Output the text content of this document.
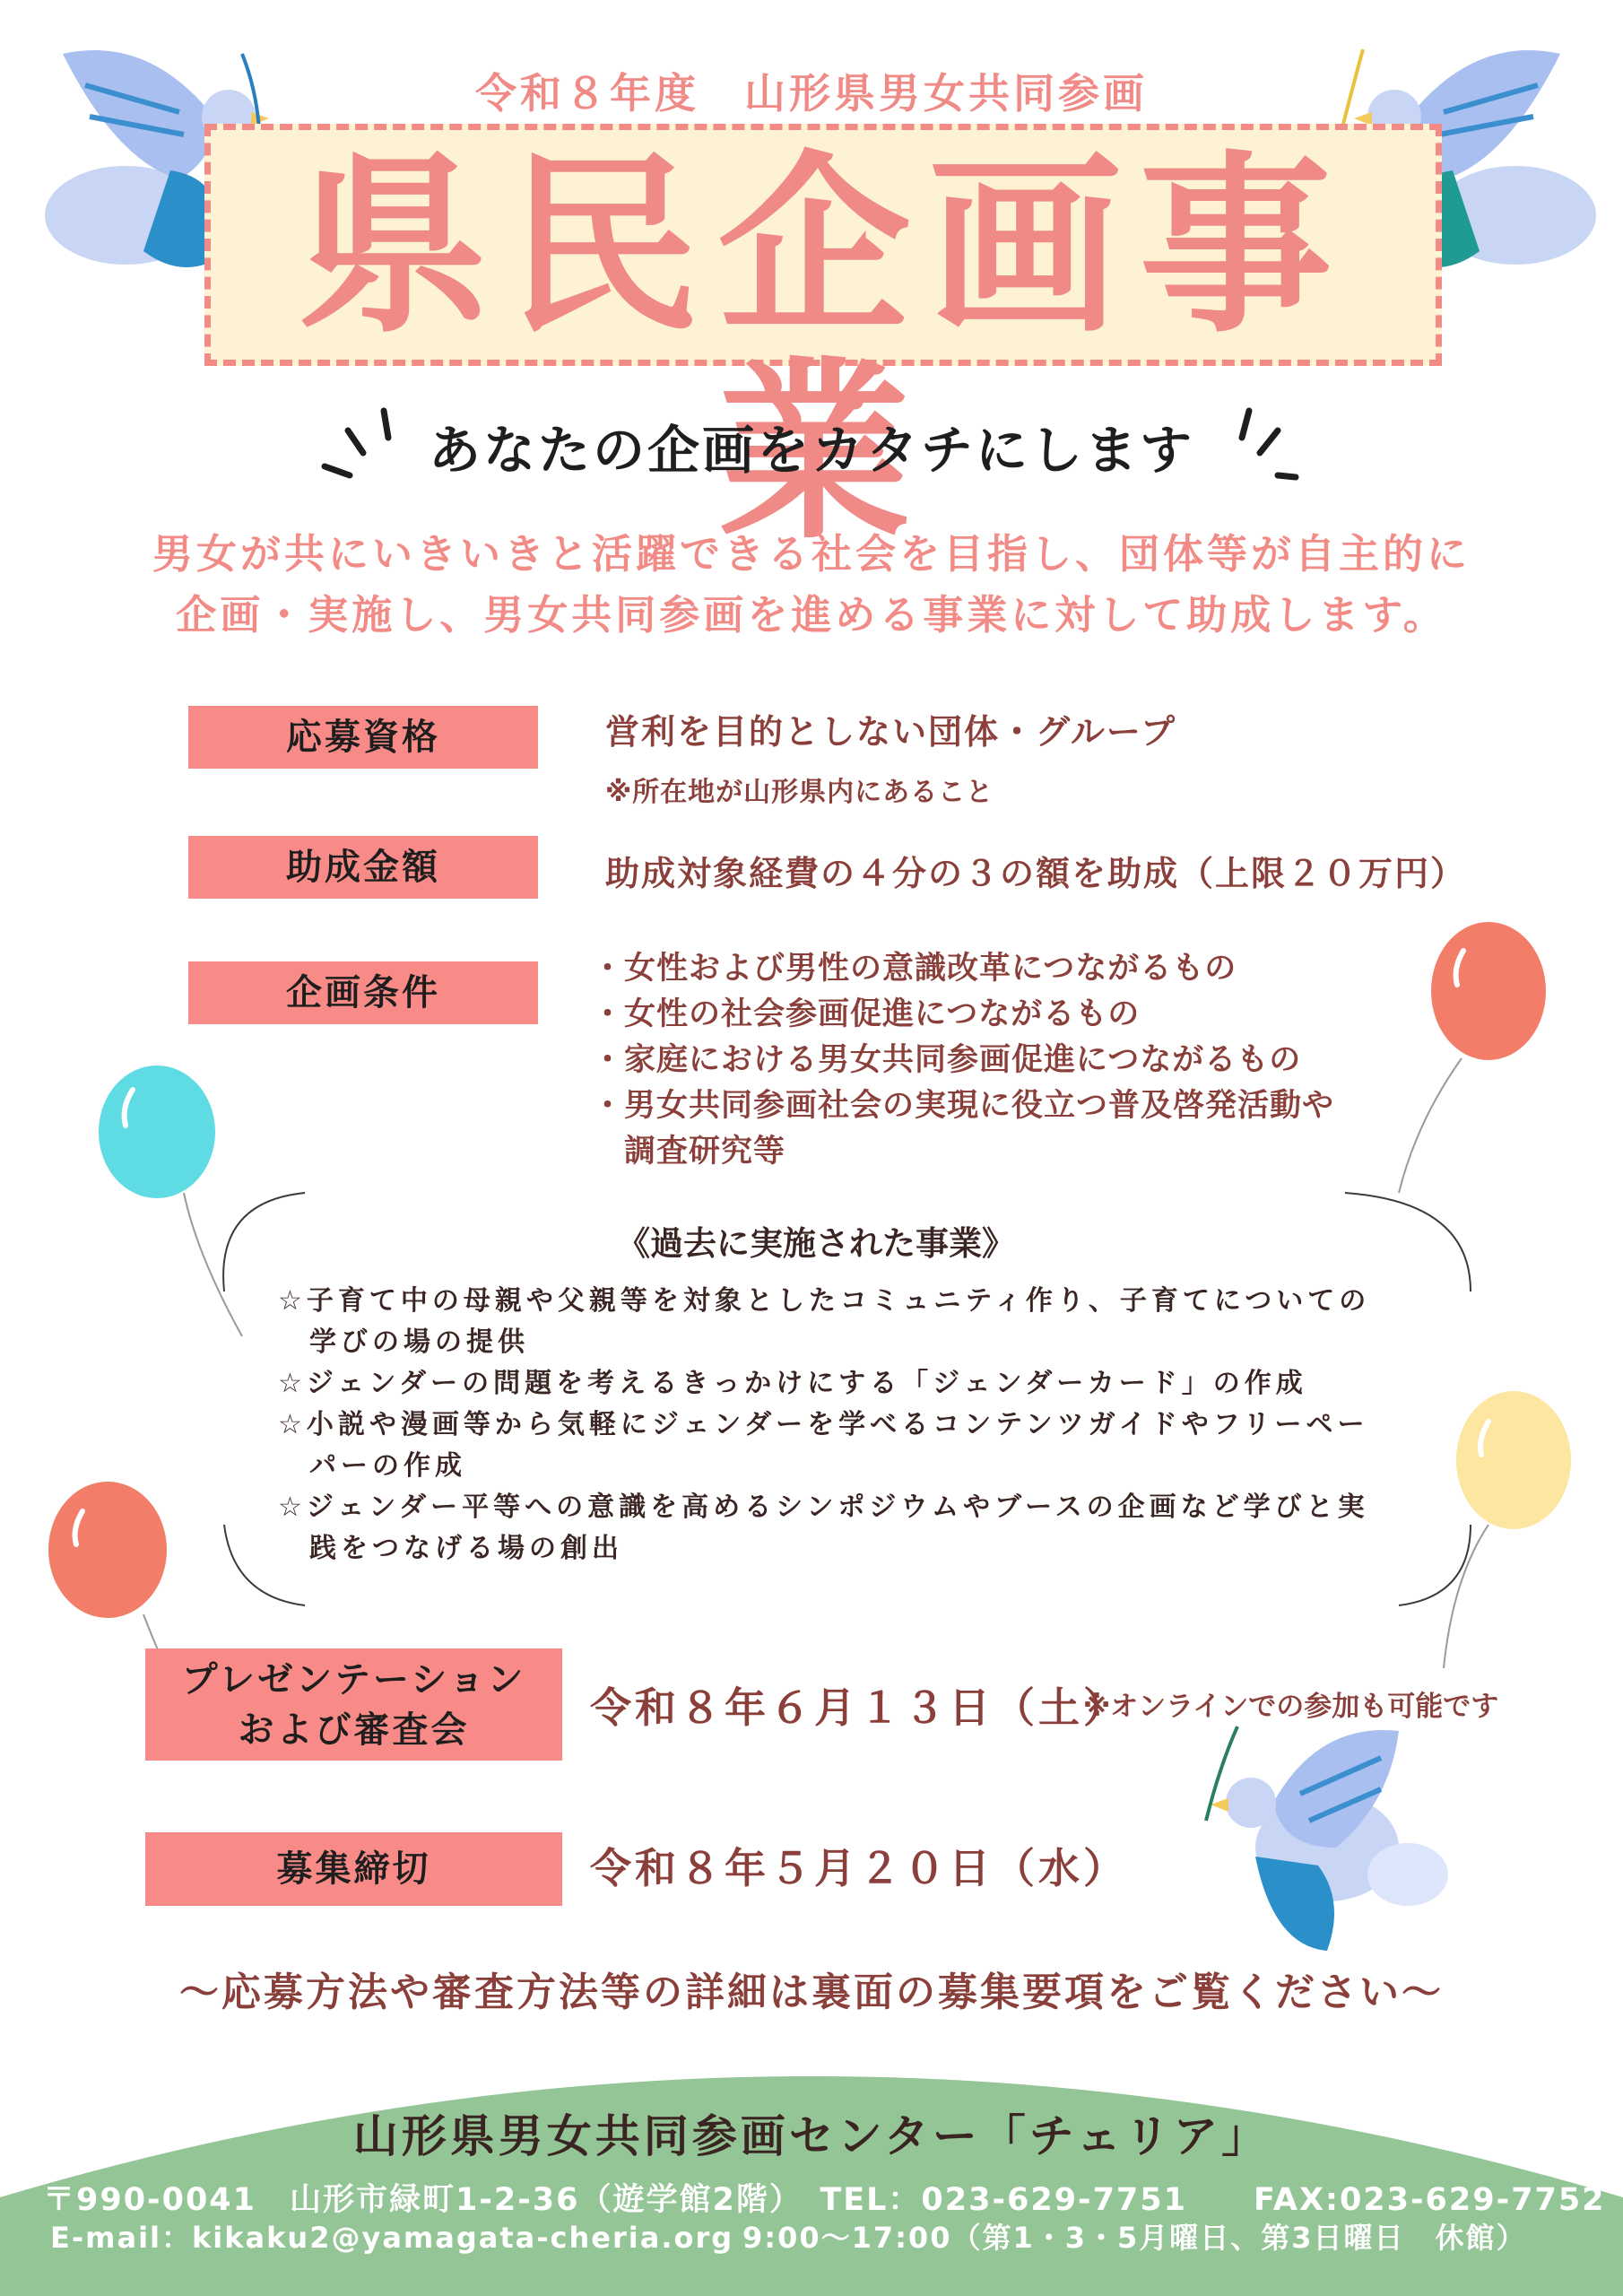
令和８年度　山形県男女共同参画
県民企画事業
あなたの企画をカタチにします
男女が共にいきいきと活躍できる社会を目指し、団体等が自主的に
企画・実施し、男女共同参画を進める事業に対して助成します。
応募資格	営利を目的としない団体・グループ
※所在地が山形県内にあること
助成金額	助成対象経費の４分の３の額を助成（上限２０万円）
企画条件
・女性および男性の意識改革につながるもの
・女性の社会参画促進につながるもの
・家庭における男女共同参画促進につながるもの
・男女共同参画社会の実現に役立つ普及啓発活動や
　調査研究等
《過去に実施された事業》
☆子育て中の母親や父親等を対象としたコミュニティ作り、子育てについての
　学びの場の提供
☆ジェンダーの問題を考えるきっかけにする「ジェンダーカード」の作成
☆小説や漫画等から気軽にジェンダーを学べるコンテンツガイドやフリーペー
　パーの作成
☆ジェンダー平等への意識を高めるシンポジウムやブースの企画など学びと実
　践をつなげる場の創出
プレゼンテーション
および審査会	令和８年６月１３日（土）
※オンラインでの参加も可能です
募集締切	令和８年５月２０日（水）
〜応募方法や審査方法等の詳細は裏面の募集要項をご覧ください〜
山形県男女共同参画センター「チェリア」
〒990-0041　山形市緑町1-2-36（遊学館2階）　TEL：023-629-7751　　FAX:023-629-7752
E-mail：kikaku2@yamagata-cheria.org 9:00〜17:00（第1・3・5月曜日、第3日曜日　休館）
